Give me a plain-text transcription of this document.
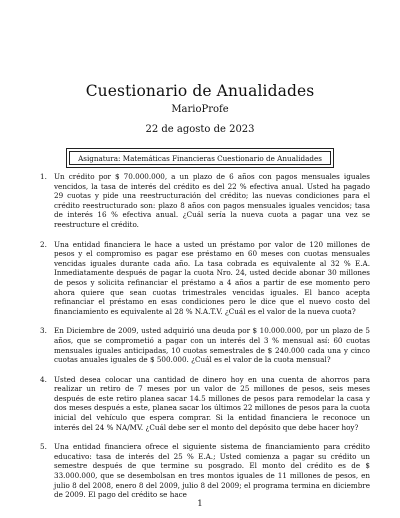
Cuestionario de Anualidades
MarioProfe
22 de agosto de 2023
Asignatura: Matemáticas Financieras Cuestionario de Anualidades
1. Un crédito por $ 70.000.000, a un plazo de 6 años con pagos mensuales iguales vencidos, la tasa de interés del crédito es del 22 % efectiva anual. Usted ha pagado 29 cuotas y pide una reestructuración del crédito; las nuevas condiciones para el crédito reestructurado son: plazo 8 años con pagos mensuales iguales vencidos; tasa de interés 16 % efectiva anual. ¿Cuál sería la nueva cuota a pagar una vez se reestructure el crédito.
2. Una entidad financiera le hace a usted un préstamo por valor de 120 millones de pesos y el compromiso es pagar ese préstamo en 60 meses con cuotas mensuales vencidas iguales durante cada año. La tasa cobrada es equivalente al 32 % E.A. Inmediatamente después de pagar la cuota Nro. 24, usted decide abonar 30 millones de pesos y solicita refinanciar el préstamo a 4 años a partir de ese momento pero ahora quiere que sean cuotas trimestrales vencidas iguales. El banco acepta refinanciar el préstamo en esas condiciones pero le dice que el nuevo costo del financiamiento es equivalente al 28 % N.A.T.V. ¿Cuál es el valor de la nueva cuota?
3. En Diciembre de 2009, usted adquirió una deuda por $ 10.000.000, por un plazo de 5 años, que se comprometió a pagar con un interés del 3 % mensual así: 60 cuotas mensuales iguales anticipadas, 10 cuotas semestrales de $ 240.000 cada una y cinco cuotas anuales iguales de $ 500.000. ¿Cuál es el valor de la cuota mensual?
4. Usted desea colocar una cantidad de dinero hoy en una cuenta de ahorros para realizar un retiro de 7 meses por un valor de 25 millones de pesos, seis meses después de este retiro planea sacar 14.5 millones de pesos para remodelar la casa y dos meses después a este, planea sacar los últimos 22 millones de pesos para la cuota inicial del vehículo que espera comprar. Si la entidad financiera le reconoce un interés del 24 % NA/MV. ¿Cuál debe ser el monto del depósito que debe hacer hoy?
5. Una entidad financiera ofrece el siguiente sistema de financiamiento para crédito educativo: tasa de interés del 25 % E.A.; Usted comienza a pagar su crédito un semestre después de que termine su posgrado. El monto del crédito es de $ 33.000.000, que se desembolsan en tres montos iguales de 11 millones de pesos, en julio 8 del 2008, enero 8 del 2009, julio 8 del 2009; el programa termina en diciembre de 2009. El pago del crédito se hace
1
